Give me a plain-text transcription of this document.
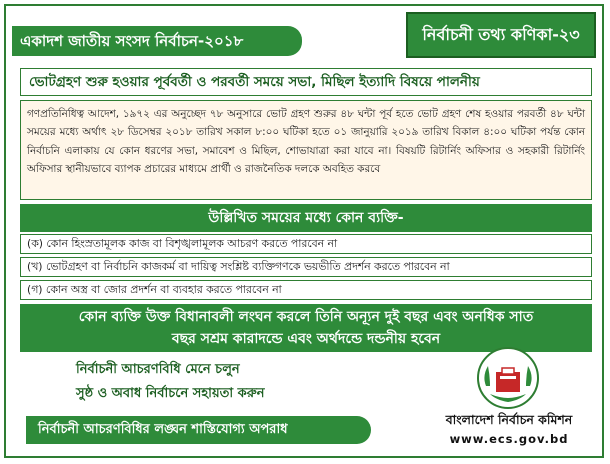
একাদশ জাতীয় সংসদ নির্বাচন-২০১৮	নির্বাচনী তথ্য কণিকা-২৩
ভোটগ্রহণ শুরু হওয়ার পূর্ববর্তী ও পরবর্তী সময়ে সভা, মিছিল ইত্যাদি বিষয়ে পালনীয়
গণপ্রতিনিধিত্ব আদেশ, ১৯৭২ এর অনুচ্ছেদ ৭৮ অনুসারে ভোট গ্রহণ শুরুর ৪৮ ঘন্টা পূর্ব হতে ভোট গ্রহণ শেষ হওয়ার পরবর্তী ৪৮ ঘন্টা সময়ের মধ্যে অর্থাৎ ২৮ ডিসেম্বর ২০১৮ তারিখ সকাল ৮:০০ ঘটিকা হতে ০১ জানুয়ারি ২০১৯ তারিখ বিকাল ৪:০০ ঘটিকা পর্যন্ত কোন নির্বাচনি এলাকায় যে কোন ধরণের সভা, সমাবেশ ও মিছিল, শোভাযাত্রা করা যাবে না। বিষয়টি রিটার্নিং অফিসার ও সহকারী রিটার্নিং অফিসার স্থানীয়ভাবে ব্যাপক প্রচারের মাধ্যমে প্রার্থী ও রাজনৈতিক দলকে অবহিত করবে
উল্লিখিত সময়ের মধ্যে কোন ব্যক্তি-
(ক) কোন হিংস্রতামূলক কাজ বা বিশৃঙ্খলামূলক আচরণ করতে পারবেন না
(খ) ভোটগ্রহণ বা নির্বাচনি কাজকর্ম বা দায়িত্ব সংশ্লিষ্ট ব্যক্তিগণকে ভয়ভীতি প্রদর্শন করতে পারবেন না
(গ) কোন অস্ত্র বা জোর প্রদর্শন বা ব্যবহার করতে পারবেন না
কোন ব্যক্তি উক্ত বিধানাবলী লংঘন করলে তিনি অন্যূন দুই বছর এবং অনধিক সাত
বছর সশ্রম কারাদন্ডে এবং অর্থদন্ডে দন্ডনীয় হবেন
নির্বাচনী আচরণবিধি মেনে চলুন
সুষ্ঠ ও অবাধ নির্বাচনে সহায়তা করুন
নির্বাচনী আচরণবিধির লঙ্ঘন শাস্তিযোগ্য অপরাধ
বাংলাদেশ নির্বাচন কমিশন
www.ecs.gov.bd
